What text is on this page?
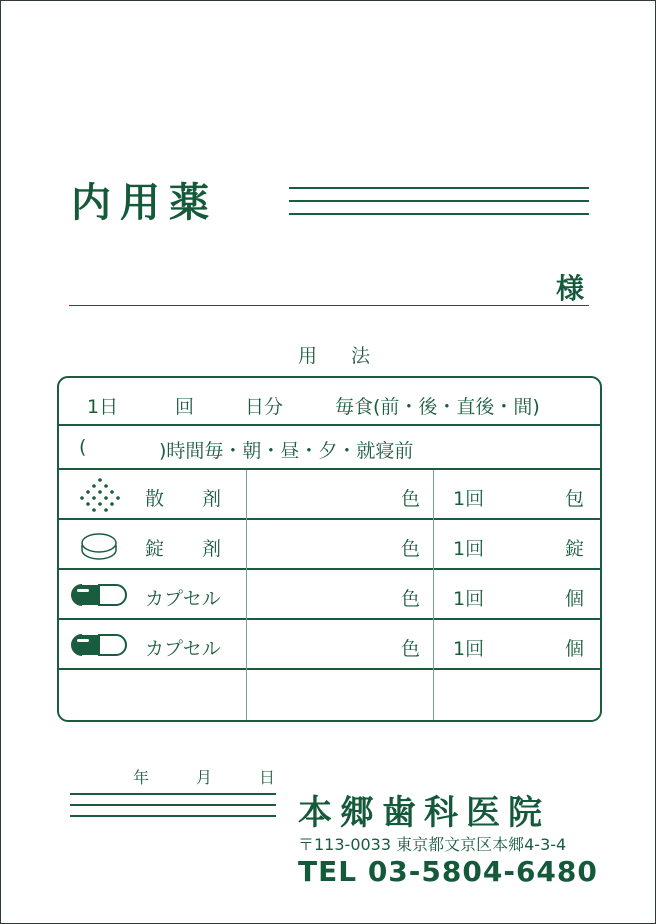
内用薬
様
用 法
1日	回	日分	毎食(前・後・直後・間)
(	)時間毎・朝・昼・夕・就寝前
散　　剤	色 1回	包
錠　　剤	色 1回	錠
カプセル	色 1回	個
カプセル	色 1回	個
年	月	日
本郷歯科医院
〒113-0033 東京都文京区本郷4-3-4
TEL 03-5804-6480
